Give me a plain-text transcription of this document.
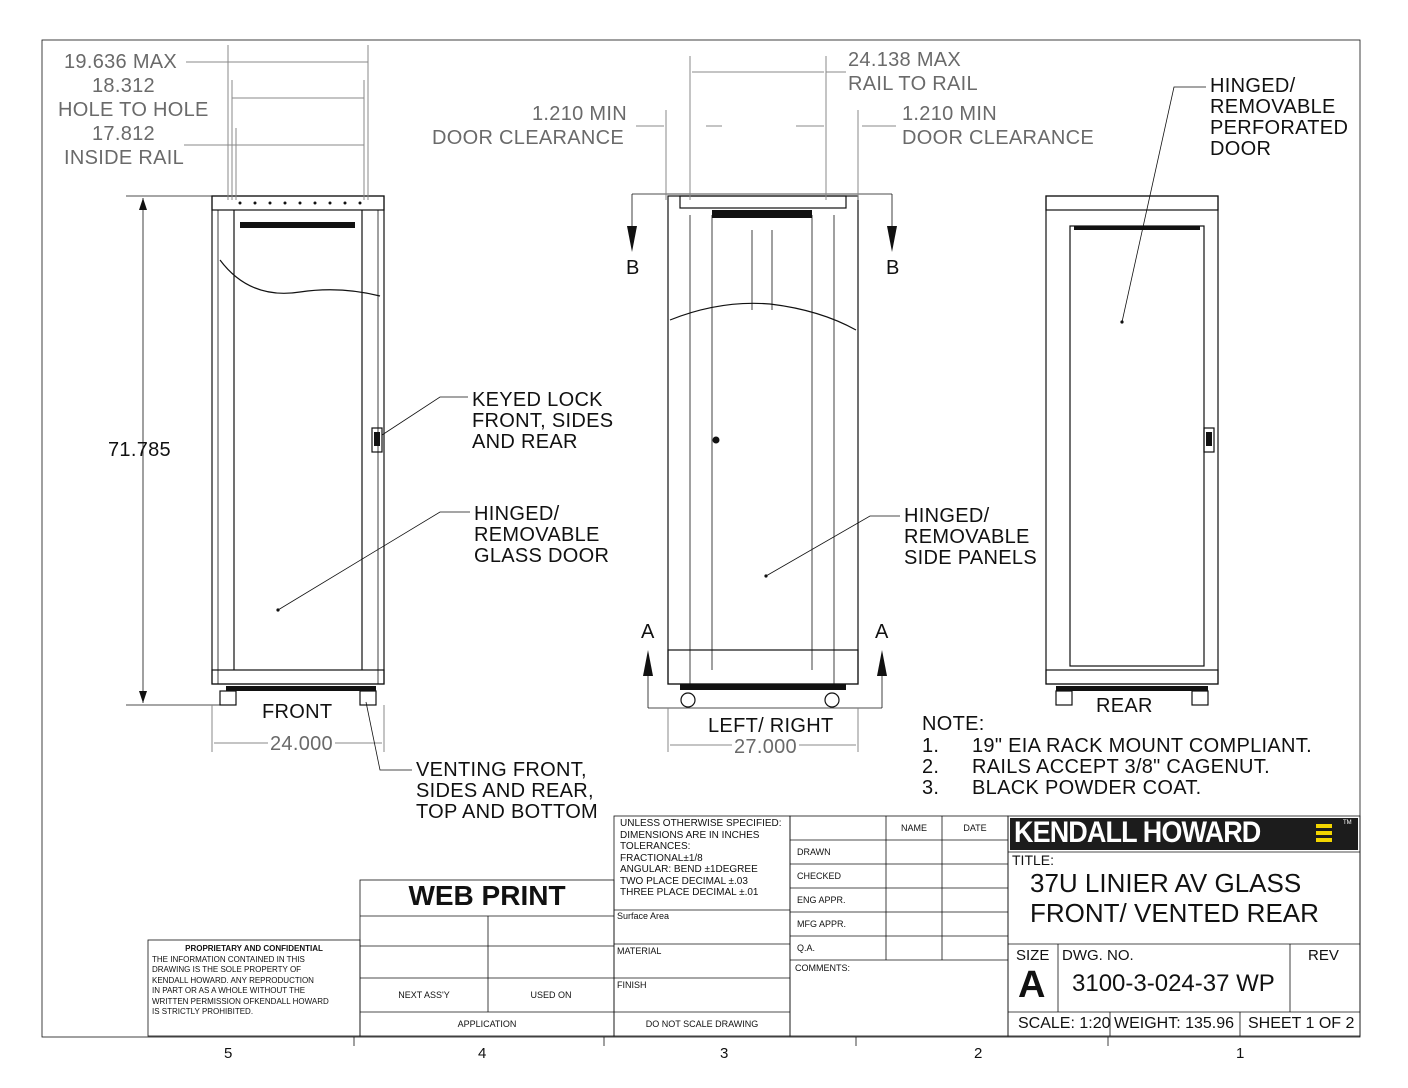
19.636 MAX
18.312
HOLE TO HOLE
17.812
INSIDE RAIL
71.785
FRONT
24.000
24.138 MAX
RAIL TO RAIL
1.210 MIN
DOOR CLEARANCE
1.210 MIN
DOOR CLEARANCE
B	B
A	A
LEFT/ RIGHT
27.000
REAR
KEYED LOCK
FRONT, SIDES
AND REAR
HINGED/
REMOVABLE
GLASS DOOR
HINGED/
REMOVABLE
SIDE PANELS
HINGED/
REMOVABLE
PERFORATED
DOOR
VENTING FRONT,
SIDES AND REAR,
TOP AND BOTTOM
NOTE:
1. 19" EIA RACK MOUNT COMPLIANT.
2. RAILS ACCEPT 3/8" CAGENUT.
3. BLACK POWDER COAT.
UNLESS OTHERWISE SPECIFIED:
DIMENSIONS ARE IN INCHES
TOLERANCES:
FRACTIONAL±1/8
ANGULAR: BEND ±1DEGREE
TWO PLACE DECIMAL ±.03
THREE PLACE DECIMAL ±.01
Surface Area
MATERIAL
FINISH
DO NOT SCALE DRAWING
WEB PRINT
NEXT ASS'Y	USED ON
APPLICATION
NAME	DATE
DRAWN
CHECKED
ENG APPR.
MFG APPR.
Q.A.
COMMENTS:
KENDALL HOWARD	TM
TITLE:
37U LINIER AV GLASS
FRONT/ VENTED REAR
SIZE
A
DWG. NO.
3100-3-024-37 WP
REV
SCALE: 1:20 WEIGHT: 135.96 SHEET 1 OF 2
PROPRIETARY AND CONFIDENTIAL
THE INFORMATION CONTAINED IN THIS
DRAWING IS THE SOLE PROPERTY OF
KENDALL HOWARD. ANY REPRODUCTION
IN PART OR AS A WHOLE WITHOUT THE
WRITTEN PERMISSION OFKENDALL HOWARD
IS STRICTLY PROHIBITED.
5	4	3	2	1
